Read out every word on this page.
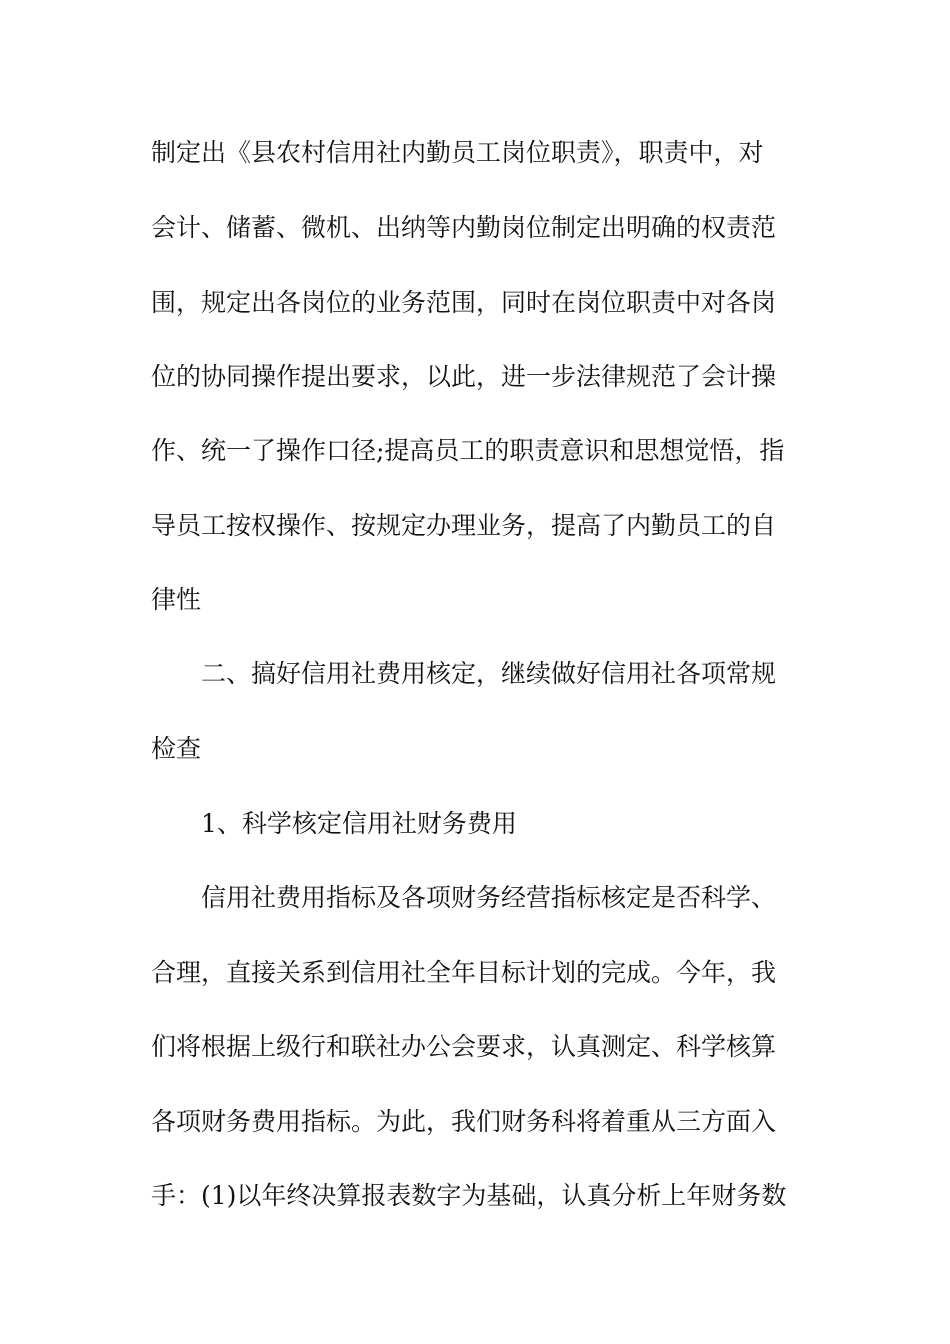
制定出《县农村信用社内勤员工岗位职责》，职责中，对
会计、储蓄、微机、出纳等内勤岗位制定出明确的权责范
围，规定出各岗位的业务范围，同时在岗位职责中对各岗
位的协同操作提出要求，以此，进一步法律规范了会计操
作、统一了操作口径;提高员工的职责意识和思想觉悟，指
导员工按权操作、按规定办理业务，提高了内勤员工的自
律性
二、搞好信用社费用核定，继续做好信用社各项常规
检查
1、科学核定信用社财务费用
信用社费用指标及各项财务经营指标核定是否科学、
合理，直接关系到信用社全年目标计划的完成。今年，我
们将根据上级行和联社办公会要求，认真测定、科学核算
各项财务费用指标。为此，我们财务科将着重从三方面入
手：(1)以年终决算报表数字为基础，认真分析上年财务数
